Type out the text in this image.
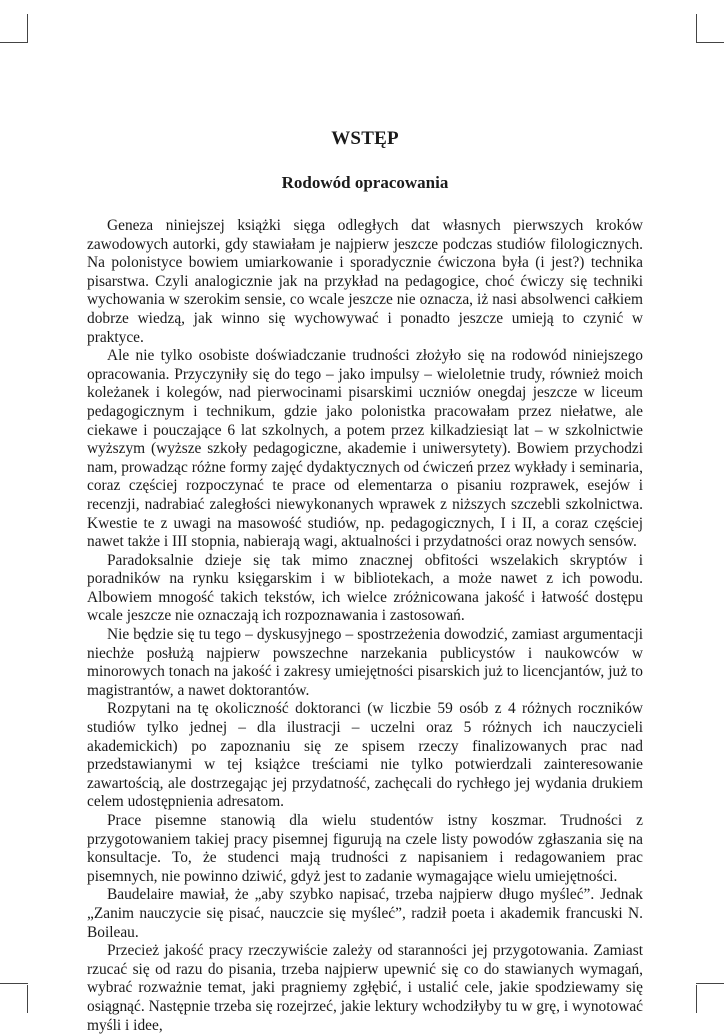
WSTĘP
Rodowód opracowania

Geneza niniejszej książki sięga odległych dat własnych pierwszych kroków zawodowych autorki, gdy stawiałam je najpierw jeszcze podczas studiów filologicznych. Na polonistyce bowiem umiarkowanie i sporadycznie ćwiczona była (i jest?) technika pisarstwa. Czyli analogicznie jak na przykład na pedagogice, choć ćwiczy się techniki wychowania w szerokim sensie, co wcale jeszcze nie oznacza, iż nasi absolwenci całkiem dobrze wiedzą, jak winno się wychowywać i ponadto jeszcze umieją to czynić w praktyce.

Ale nie tylko osobiste doświadczanie trudności złożyło się na rodowód niniejszego opracowania. Przyczyniły się do tego – jako impulsy – wieloletnie trudy, również moich koleżanek i kolegów, nad pierwocinami pisarskimi uczniów onegdaj jeszcze w liceum pedagogicznym i technikum, gdzie jako polonistka pracowałam przez niełatwe, ale ciekawe i pouczające 6 lat szkolnych, a potem przez kilkadziesiąt lat – w szkolnictwie wyższym (wyższe szkoły pedagogiczne, akademie i uniwersytety). Bowiem przychodzi nam, prowadząc różne formy zajęć dydaktycznych od ćwiczeń przez wykłady i seminaria, coraz częściej rozpoczynać te prace od elementarza o pisaniu rozprawek, esejów i recenzji, nadrabiać zaległości niewykonanych wprawek z niższych szczebli szkolnictwa. Kwestie te z uwagi na masowość studiów, np. pedagogicznych, I i II, a coraz częściej nawet także i III stopnia, nabierają wagi, aktualności i przydatności oraz nowych sensów.

Paradoksalnie dzieje się tak mimo znacznej obfitości wszelakich skryptów i poradników na rynku księgarskim i w bibliotekach, a może nawet z ich powodu. Albowiem mnogość takich tekstów, ich wielce zróżnicowana jakość i łatwość dostępu wcale jeszcze nie oznaczają ich rozpoznawania i zastosowań.

Nie będzie się tu tego – dyskusyjnego – spostrzeżenia dowodzić, zamiast argumentacji niechże posłużą najpierw powszechne narzekania publicystów i naukowców w minorowych tonach na jakość i zakresy umiejętności pisarskich już to licencjantów, już to magistrantów, a nawet doktorantów.

Rozpytani na tę okoliczność doktoranci (w liczbie 59 osób z 4 różnych roczników studiów tylko jednej – dla ilustracji – uczelni oraz 5 różnych ich nauczycieli akademickich) po zapoznaniu się ze spisem rzeczy finalizowanych prac nad przedstawianymi w tej książce treściami nie tylko potwierdzali zainteresowanie zawartością, ale dostrzegając jej przydatność, zachęcali do rychłego jej wydania drukiem celem udostępnienia adresatom.

Prace pisemne stanowią dla wielu studentów istny koszmar. Trudności z przygotowaniem takiej pracy pisemnej figurują na czele listy powodów zgłaszania się na konsultacje. To, że studenci mają trudności z napisaniem i redagowaniem prac pisemnych, nie powinno dziwić, gdyż jest to zadanie wymagające wielu umiejętności.

Baudelaire mawiał, że „aby szybko napisać, trzeba najpierw długo myśleć”. Jednak „Zanim nauczycie się pisać, nauczcie się myśleć”, radził poeta i akademik francuski N. Boileau.

Przecież jakość pracy rzeczywiście zależy od staranności jej przygotowania. Zamiast rzucać się od razu do pisania, trzeba najpierw upewnić się co do stawianych wymagań, wybrać rozważnie temat, jaki pragniemy zgłębić, i ustalić cele, jakie spodziewamy się osiągnąć. Następnie trzeba się rozejrzeć, jakie lektury wchodziłyby tu w grę, i wynotować myśli i idee,
